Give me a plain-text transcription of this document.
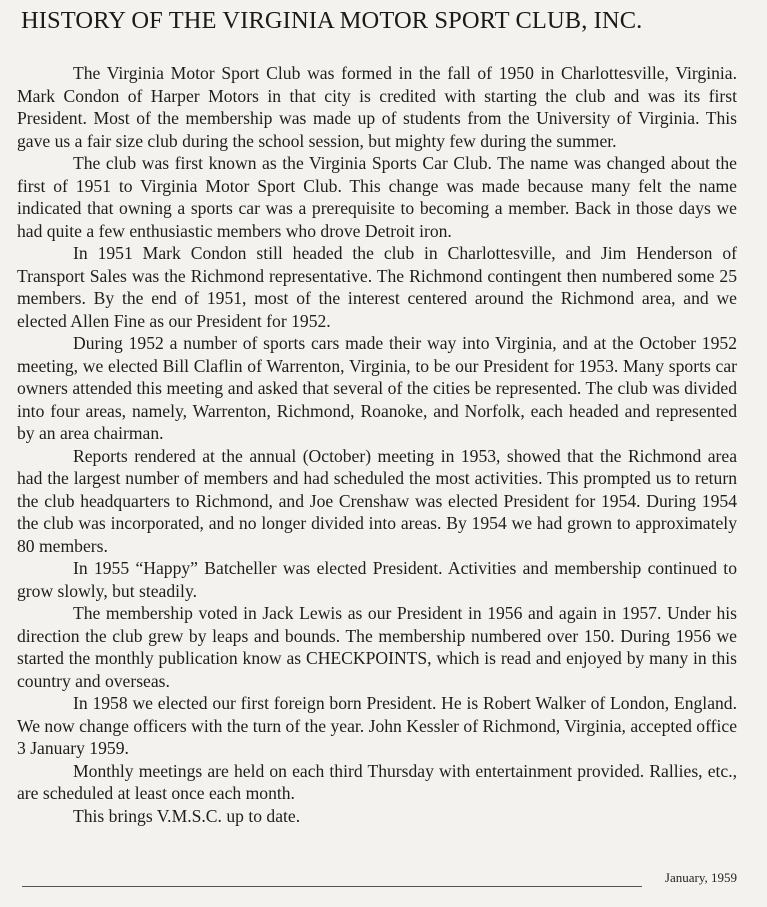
HISTORY OF THE VIRGINIA MOTOR SPORT CLUB, INC.

The Virginia Motor Sport Club was formed in the fall of 1950 in Charlottesville, Virginia. Mark Condon of Harper Motors in that city is credited with starting the club and was its first President. Most of the membership was made up of students from the University of Virginia. This gave us a fair size club during the school session, but mighty few during the summer.

The club was first known as the Virginia Sports Car Club. The name was changed about the first of 1951 to Virginia Motor Sport Club. This change was made because many felt the name indicated that owning a sports car was a prerequisite to becoming a member. Back in those days we had quite a few enthusiastic members who drove Detroit iron.

In 1951 Mark Condon still headed the club in Charlottesville, and Jim Henderson of Transport Sales was the Richmond representative. The Richmond contingent then numbered some 25 members. By the end of 1951, most of the interest centered around the Richmond area, and we elected Allen Fine as our President for 1952.

During 1952 a number of sports cars made their way into Virginia, and at the October 1952 meeting, we elected Bill Claflin of Warrenton, Virginia, to be our President for 1953. Many sports car owners attended this meeting and asked that several of the cities be represented. The club was divided into four areas, namely, Warrenton, Richmond, Roanoke, and Norfolk, each headed and represented by an area chairman.

Reports rendered at the annual (October) meeting in 1953, showed that the Richmond area had the largest number of members and had scheduled the most activities. This prompted us to return the club headquarters to Richmond, and Joe Crenshaw was elected President for 1954. During 1954 the club was incorporated, and no longer divided into areas. By 1954 we had grown to approximately 80 members.

In 1955 “Happy” Batcheller was elected President. Activities and membership continued to grow slowly, but steadily.

The membership voted in Jack Lewis as our President in 1956 and again in 1957. Under his direction the club grew by leaps and bounds. The membership numbered over 150. During 1956 we started the monthly publication know as CHECKPOINTS, which is read and enjoyed by many in this country and overseas.

In 1958 we elected our first foreign born President. He is Robert Walker of London, England. We now change officers with the turn of the year. John Kessler of Richmond, Virginia, accepted office 3 January 1959.

Monthly meetings are held on each third Thursday with entertainment provided. Rallies, etc., are scheduled at least once each month.

This brings V.M.S.C. up to date.

January, 1959
